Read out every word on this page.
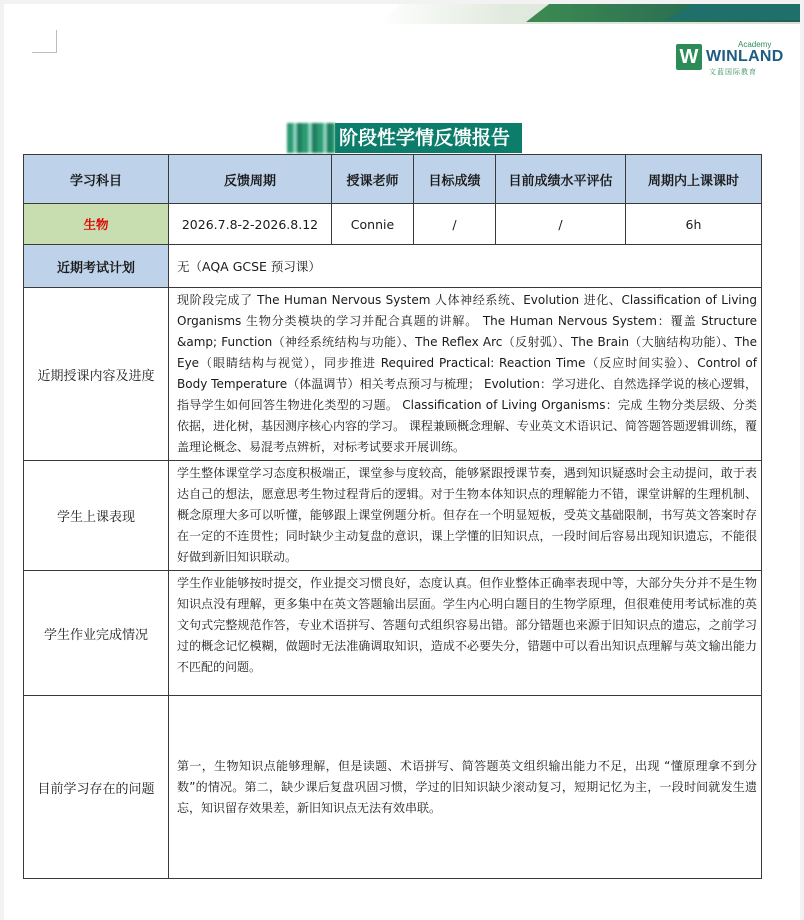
W
Academy
WINLAND
文蓝国际教育
阶段性学情反馈报告
学习科目	反馈周期	授课老师	目标成绩	目前成绩水平评估	周期内上课课时
生物	2026.7.8-2-2026.8.12	Connie	/	/	6h
近期考试计划	无（AQA GCSE 预习课）				
近期授课内容及进度	现阶段完成了 The Human Nervous System 人体神经系统、Evolution 进化、Classification of Living Organisms 生物分类模块的学习并配合真题的讲解。 The Human Nervous System：覆盖 Structure &amp; Function（神经系统结构与功能）、The Reflex Arc（反射弧）、The Brain（大脑结构功能）、The Eye（眼睛结构与视觉），同步推进 Required Practical: Reaction Time（反应时间实验）、Control of Body Temperature（体温调节）相关考点预习与梳理； Evolution：学习进化、自然选择学说的核心逻辑，指导学生如何回答生物进化类型的习题。 Classification of Living Organisms：完成 生物分类层级、分类依据，进化树，基因测序核心内容的学习。 课程兼顾概念理解、专业英文术语识记、简答题答题逻辑训练，覆盖理论概念、易混考点辨析，对标考试要求开展训练。				
学生上课表现	学生整体课堂学习态度积极端正，课堂参与度较高，能够紧跟授课节奏，遇到知识疑惑时会主动提问，敢于表达自己的想法，愿意思考生物过程背后的逻辑。对于生物本体知识点的理解能力不错，课堂讲解的生理机制、概念原理大多可以听懂，能够跟上课堂例题分析。但存在一个明显短板，受英文基础限制，书写英文答案时存在一定的不连贯性；同时缺少主动复盘的意识，课上学懂的旧知识点，一段时间后容易出现知识遗忘，不能很好做到新旧知识联动。				
学生作业完成情况	学生作业能够按时提交，作业提交习惯良好，态度认真。但作业整体正确率表现中等，大部分失分并不是生物知识点没有理解，更多集中在英文答题输出层面。学生内心明白题目的生物学原理，但很难使用考试标准的英文句式完整规范作答，专业术语拼写、答题句式组织容易出错。部分错题也来源于旧知识点的遗忘，之前学习过的概念记忆模糊，做题时无法准确调取知识，造成不必要失分，错题中可以看出知识点理解与英文输出能力不匹配的问题。				
目前学习存在的问题	第一，生物知识点能够理解，但是读题、术语拼写、简答题英文组织输出能力不足，出现 “懂原理拿不到分数”的情况。第二，缺少课后复盘巩固习惯，学过的旧知识缺少滚动复习，短期记忆为主，一段时间就发生遗忘，知识留存效果差，新旧知识点无法有效串联。				
